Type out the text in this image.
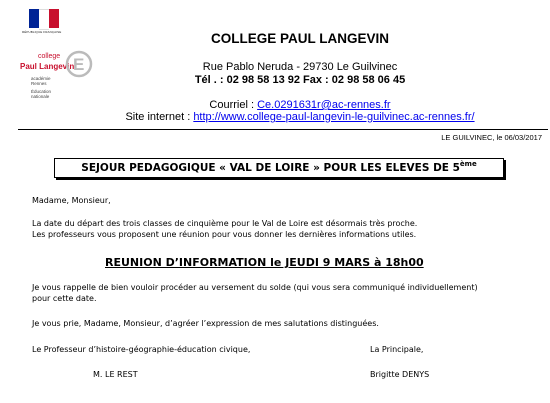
RÉPUBLIQUE FRANÇAISE
college
Paul Langevin
E
académie
Rennes
Éducation
nationale
COLLEGE PAUL LANGEVIN
Rue Pablo Neruda - 29730 Le Guilvinec
Tél . : 02 98 58 13 92 Fax : 02 98 58 06 45
Courriel : Ce.0291631r@ac-rennes.fr
Site internet : http://www.college-paul-langevin-le-guilvinec.ac-rennes.fr/
LE GUILVINEC, le 06/03/2017
SEJOUR PEDAGOGIQUE « VAL DE LOIRE » POUR LES ELEVES DE 5ème
Madame, Monsieur,
La date du départ des trois classes de cinquième pour le Val de Loire est désormais très proche.
Les professeurs vous proposent une réunion pour vous donner les dernières informations utiles.
REUNION D’INFORMATION le JEUDI 9 MARS à 18h00
Je vous rappelle de bien vouloir procéder au versement du solde (qui vous sera communiqué individuellement)
pour cette date.
Je vous prie, Madame, Monsieur, d’agréer l’expression de mes salutations distinguées.
Le Professeur d’histoire-géographie-éducation civique,	La Principale,
M. LE REST	Brigitte DENYS
